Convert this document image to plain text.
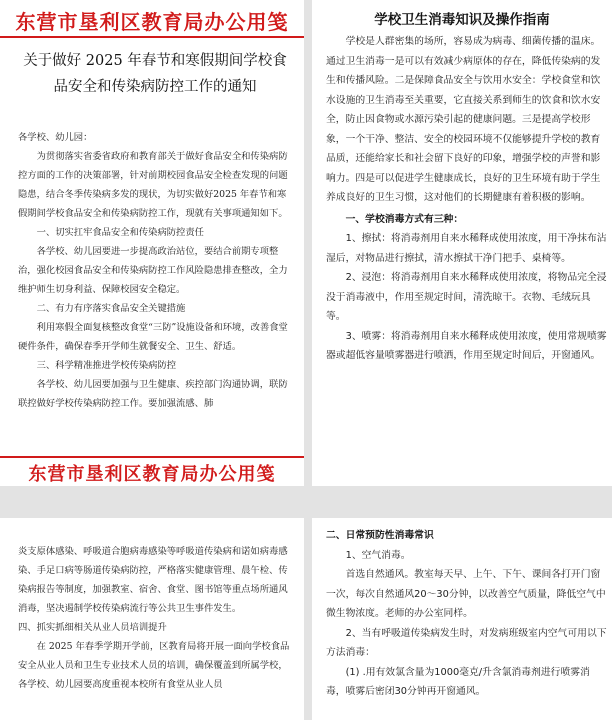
东营市垦利区教育局办公用笺
关于做好 2025 年春节和寒假期间学校食品安全和传染病防控工作的通知

各学校、幼儿园：

为贯彻落实省委省政府和教育部关于做好食品安全和传染病防控方面的工作的决策部署，针对前期校园食品安全检查发现的问题隐患，结合冬季传染病多发的现状，为切实做好2025 年春节和寒假期间学校食品安全和传染病防控工作，现就有关事项通知如下。

一、切实扛牢食品安全和传染病防控责任

各学校、幼儿园要进一步提高政治站位，要结合前期专项整治，强化校园食品安全和传染病防控工作风险隐患排查整改，全力维护师生切身利益、保障校园安全稳定。

二、有力有序落实食品安全关键措施

利用寒假全面复核整改食堂“三防”设施设备和环境，改善食堂硬件条件，确保春季开学师生就餐安全、卫生、舒适。

三、科学精准推进学校传染病防控

各学校、幼儿园要加强与卫生健康、疾控部门沟通协调，联防联控做好学校传染病防控工作。要加强流感、肺

东营市垦利区教育局办公用笺
学校卫生消毒知识及操作指南

学校是人群密集的场所，容易成为病毒、细菌传播的温床。通过卫生消毒一是可以有效减少病原体的存在，降低传染病的发生和传播风险。二是保障食品安全与饮用水安全：学校食堂和饮水设施的卫生消毒至关重要，它直接关系到师生的饮食和饮水安全，防止因食物或水源污染引起的健康问题。三是提高学校形象，一个干净、整洁、安全的校园环境不仅能够提升学校的教育品质，还能给家长和社会留下良好的印象，增强学校的声誉和影响力。四是可以促进学生健康成长，良好的卫生环境有助于学生养成良好的卫生习惯，这对他们的长期健康有着积极的影响。

一、学校消毒方式有三种：

1、擦拭：将消毒剂用自来水稀释成使用浓度，用干净抹布沾湿后，对物品进行擦拭，清水擦拭干净门把手、桌椅等。

2、浸泡：将消毒剂用自来水稀释成使用浓度，将物品完全浸没于消毒液中，作用至规定时间，清洗晾干。衣物、毛绒玩具等。

3、喷雾：将消毒剂用自来水稀释成使用浓度，使用常规喷雾器或超低容量喷雾器进行喷洒，作用至规定时间后，开窗通风。

炎支原体感染、呼吸道合胞病毒感染等呼吸道传染病和诺如病毒感染、手足口病等肠道传染病防控，严格落实健康管理、晨午检、传染病报告等制度，加强教室、宿舍、食堂、图书馆等重点场所通风消毒，坚决遏制学校传染病流行等公共卫生事件发生。

四、抓实抓细相关从业人员培训提升

在 2025 年春季学期开学前，区教育局将开展一面向学校食品安全从业人员和卫生专业技术人员的培训，确保覆盖到所属学校，各学校、幼儿园要高度重视本校所有食堂从业人员

二、日常预防性消毒常识

1、空气消毒。

首选自然通风。教室每天早、上午、下午、课间各打开门窗一次，每次自然通风20～30分钟，以改善空气质量，降低空气中微生物浓度。老师的办公室同样。

2、当有呼吸道传染病发生时，对发病班级室内空气可用以下方法消毒：

(1) .用有效氯含量为1000毫克/升含氯消毒剂进行喷雾消毒，喷雾后密闭30分钟再开窗通风。
